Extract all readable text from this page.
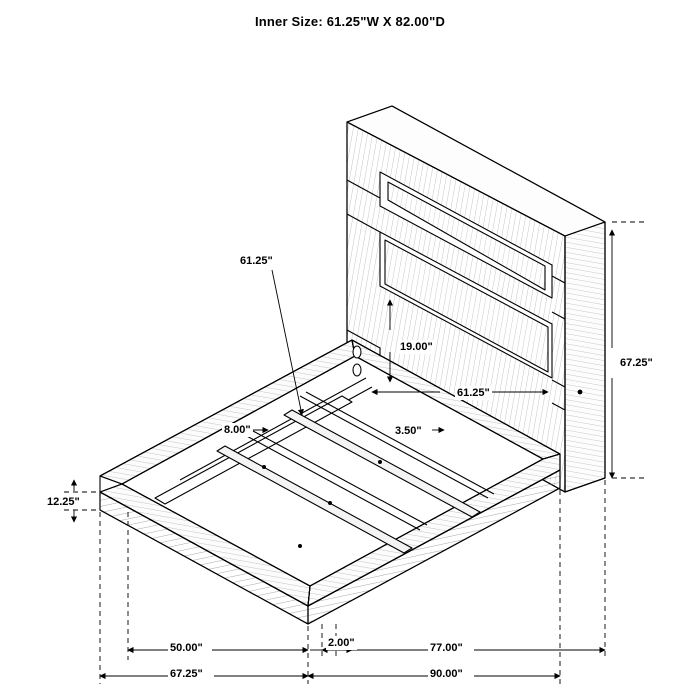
Inner Size: 61.25"W X 82.00"D
61.25"
19.00"
61.25"
3.50"
8.00"
67.25"
12.25"
50.00"	2.00"	77.00"
67.25"	90.00"
